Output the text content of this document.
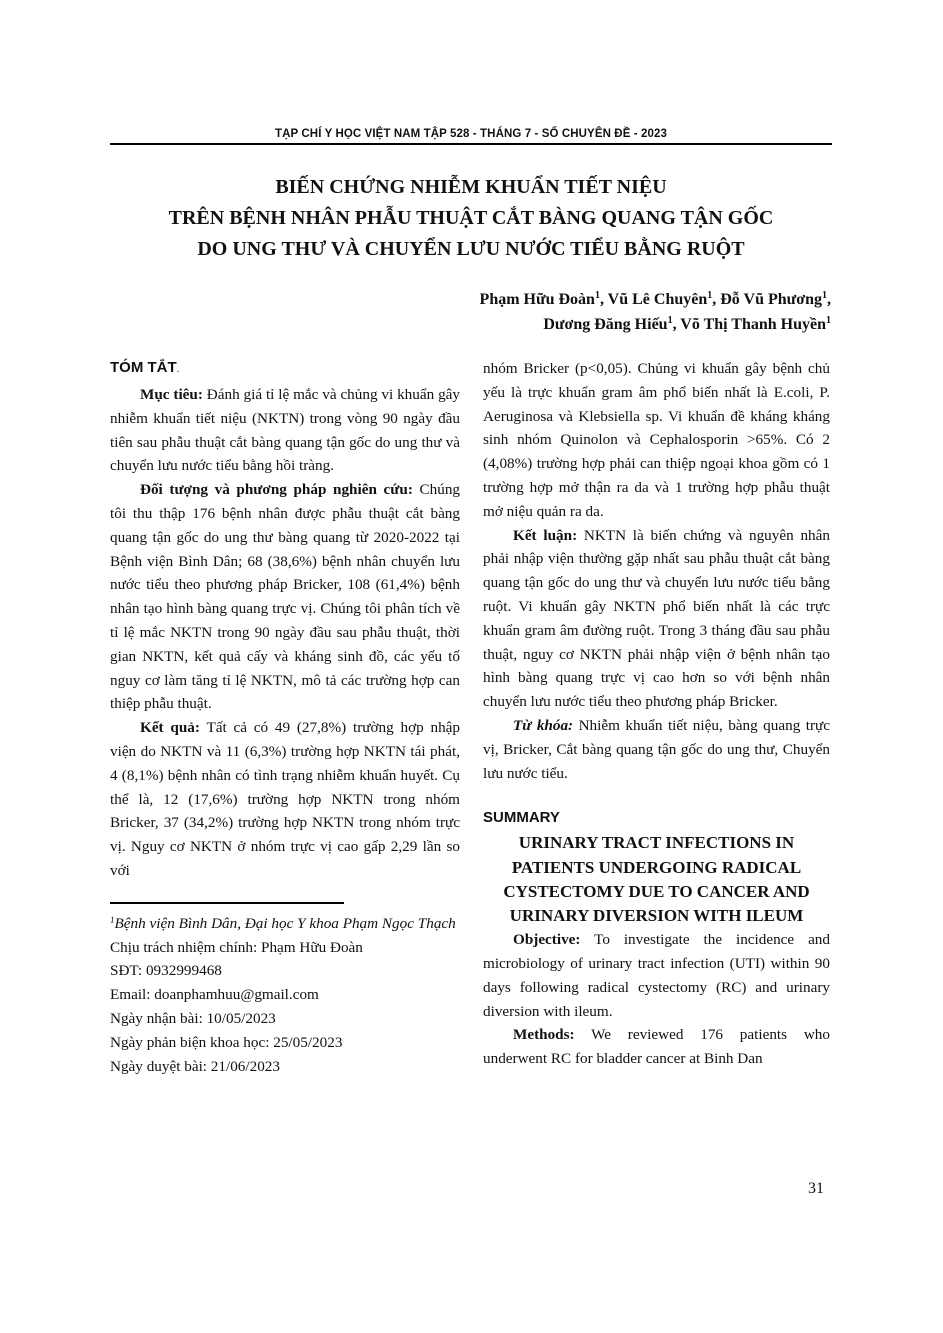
TẠP CHÍ Y HỌC VIỆT NAM TẬP 528 - THÁNG 7 - SỐ CHUYÊN ĐỀ - 2023
BIẾN CHỨNG NHIỄM KHUẨN TIẾT NIỆU
TRÊN BỆNH NHÂN PHẪU THUẬT CẮT BÀNG QUANG TẬN GỐC
DO UNG THƯ VÀ CHUYỂN LƯU NƯỚC TIỂU BẰNG RUỘT
Phạm Hữu Đoàn$^1$, Vũ Lê Chuyên$^1$, Đỗ Vũ Phương$^1$,
Dương Đăng Hiếu$^1$, Võ Thị Thanh Huyền$^1$
TÓM TẮT.

Mục tiêu: Đánh giá tỉ lệ mắc và chủng vi khuẩn gây nhiễm khuẩn tiết niệu (NKTN) trong vòng 90 ngày đầu tiên sau phẫu thuật cắt bàng quang tận gốc do ung thư và chuyển lưu nước tiểu bằng hồi tràng.

Đối tượng và phương pháp nghiên cứu: Chúng tôi thu thập 176 bệnh nhân được phẫu thuật cắt bàng quang tận gốc do ung thư bàng quang từ 2020-2022 tại Bệnh viện Bình Dân; 68 (38,6%) bệnh nhân chuyển lưu nước tiểu theo phương pháp Bricker, 108 (61,4%) bệnh nhân tạo hình bàng quang trực vị. Chúng tôi phân tích về tỉ lệ mắc NKTN trong 90 ngày đầu sau phẫu thuật, thời gian NKTN, kết quả cấy và kháng sinh đồ, các yếu tố nguy cơ làm tăng tỉ lệ NKTN, mô tả các trường hợp can thiệp phẫu thuật.

Kết quả: Tất cả có 49 (27,8%) trường hợp nhập viện do NKTN và 11 (6,3%) trường hợp NKTN tái phát, 4 (8,1%) bệnh nhân có tình trạng nhiễm khuẩn huyết. Cụ thể là, 12 (17,6%) trường hợp NKTN trong nhóm Bricker, 37 (34,2%) trường hợp NKTN trong nhóm trực vị. Nguy cơ NKTN ở nhóm trực vị cao gấp 2,29 lần so với

$^1$Bệnh viện Bình Dân, Đại học Y khoa Phạm Ngọc Thạch

Chịu trách nhiệm chính: Phạm Hữu Đoàn

SĐT: 0932999468

Email: doanphamhuu@gmail.com

Ngày nhận bài: 10/05/2023

Ngày phản biện khoa học: 25/05/2023

Ngày duyệt bài: 21/06/2023

nhóm Bricker (p<0,05). Chủng vi khuẩn gây bệnh chủ yếu là trực khuẩn gram âm phổ biến nhất là E.coli, P. Aeruginosa và Klebsiella sp. Vi khuẩn đề kháng kháng sinh nhóm Quinolon và Cephalosporin >65%. Có 2 (4,08%) trường hợp phải can thiệp ngoại khoa gồm có 1 trường hợp mở thận ra da và 1 trường hợp phẫu thuật mở niệu quản ra da.

Kết luận: NKTN là biến chứng và nguyên nhân phải nhập viện thường gặp nhất sau phẫu thuật cắt bàng quang tận gốc do ung thư và chuyển lưu nước tiểu bằng ruột. Vi khuẩn gây NKTN phổ biến nhất là các trực khuẩn gram âm đường ruột. Trong 3 tháng đầu sau phẫu thuật, nguy cơ NKTN phải nhập viện ở bệnh nhân tạo hình bàng quang trực vị cao hơn so với bệnh nhân chuyển lưu nước tiểu theo phương pháp Bricker.

Từ khóa: Nhiễm khuẩn tiết niệu, bàng quang trực vị, Bricker, Cắt bàng quang tận gốc do ung thư, Chuyển lưu nước tiểu.

SUMMARY

URINARY TRACT INFECTIONS IN PATIENTS UNDERGOING RADICAL CYSTECTOMY DUE TO CANCER AND URINARY DIVERSION WITH ILEUM

Objective: To investigate the incidence and microbiology of urinary tract infection (UTI) within 90 days following radical cystectomy (RC) and urinary diversion with ileum.

Methods: We reviewed 176 patients who underwent RC for bladder cancer at Binh Dan

31
